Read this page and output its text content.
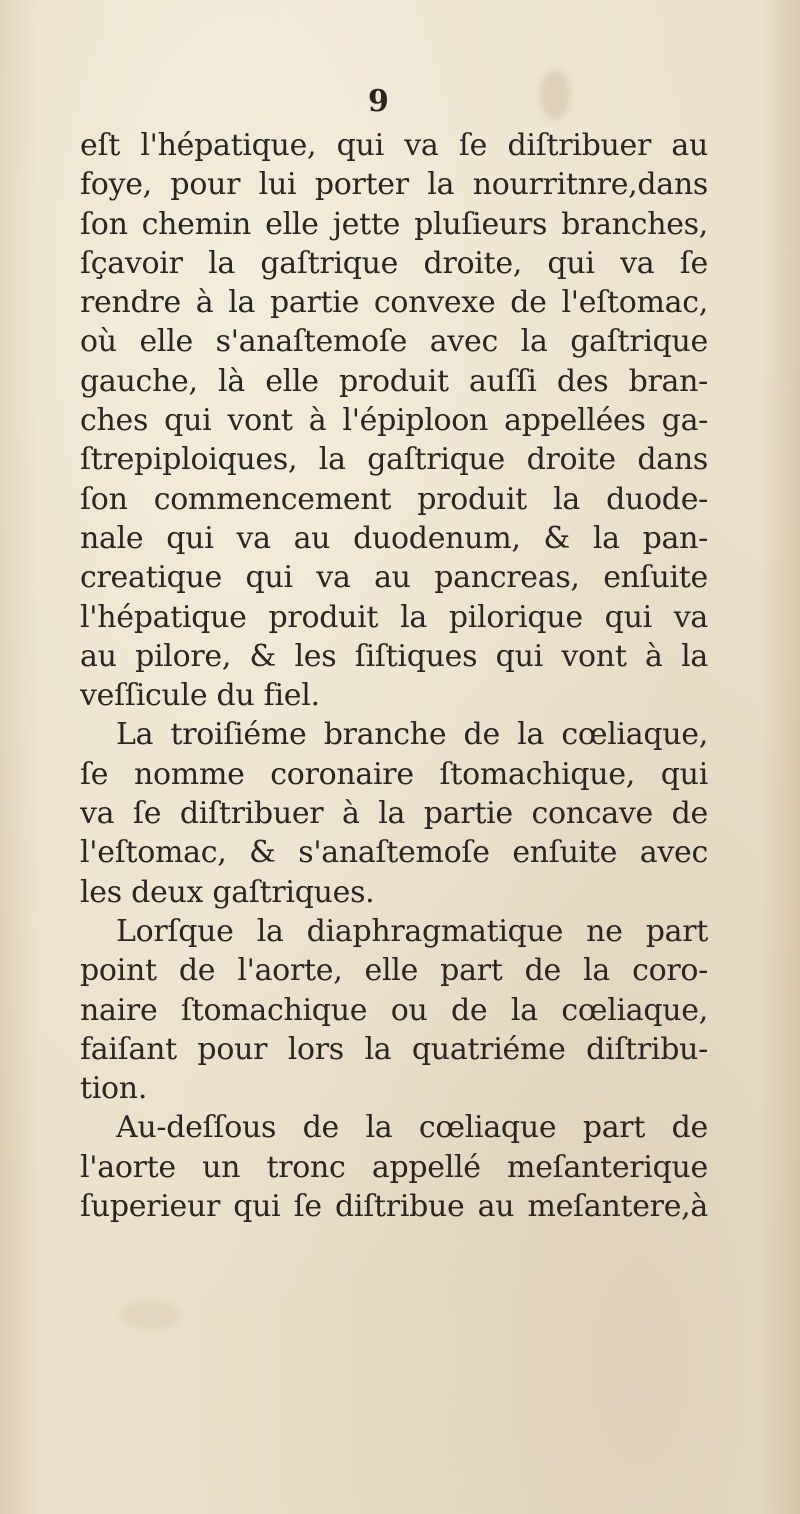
9
eſt l'hépatique, qui va ſe diſtribuer au
foye, pour lui porter la nourritnre,dans
ſon chemin elle jette pluſieurs branches,
ſçavoir la gaſtrique droite, qui va ſe
rendre à la partie convexe de l'eſtomac,
où elle s'anaſtemoſe avec la gaſtrique
gauche, là elle produit auſſi des bran-
ches qui vont à l'épiploon appellées ga-
ſtrepiploiques, la gaſtrique droite dans
ſon commencement produit la duode-
nale qui va au duodenum, & la pan-
creatique qui va au pancreas, enſuite
l'hépatique produit la pilorique qui va
au pilore, & les ſiſtiques qui vont à la
veſſicule du fiel.
La troiſiéme branche de la cœliaque,
ſe nomme coronaire ſtomachique, qui
va ſe diſtribuer à la partie concave de
l'eſtomac, & s'anaſtemoſe enſuite avec
les deux gaſtriques.
Lorſque la diaphragmatique ne part
point de l'aorte, elle part de la coro-
naire ſtomachique ou de la cœliaque,
faiſant pour lors la quatriéme diſtribu-
tion.
Au-deſſous de la cœliaque part de
l'aorte un tronc appellé meſanterique
ſuperieur qui ſe diſtribue au meſantere,à
